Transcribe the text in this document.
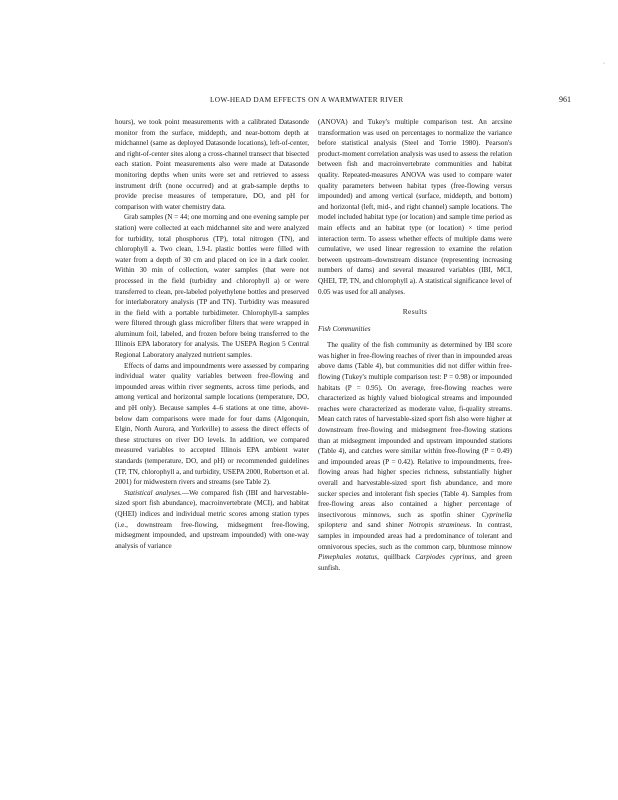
·
LOW-HEAD DAM EFFECTS ON A WARMWATER RIVER	961

hours), we took point measurements with a calibrated Datasonde monitor from the surface, middepth, and near-bottom depth at midchannel (same as deployed Datasonde locations), left-of-center, and right-of-center sites along a cross-channel transect that bisected each station. Point measurements also were made at Datasonde monitoring depths when units were set and retrieved to assess instrument drift (none occurred) and at grab-sample depths to provide precise measures of temperature, DO, and pH for comparison with water chemistry data.

Grab samples (N = 44; one morning and one evening sample per station) were collected at each midchannel site and were analyzed for turbidity, total phosphorus (TP), total nitrogen (TN), and chlorophyll a. Two clean, 1.9-L plastic bottles were filled with water from a depth of 30 cm and placed on ice in a dark cooler. Within 30 min of collection, water samples (that were not processed in the field (turbidity and chlorophyll a) or were transferred to clean, pre-labeled polyethylene bottles and preserved for interlaboratory analysis (TP and TN). Turbidity was measured in the field with a portable turbidimeter. Chlorophyll-a samples were filtered through glass microfiber filters that were wrapped in aluminum foil, labeled, and frozen before being transferred to the Illinois EPA laboratory for analysis. The USEPA Region 5 Central Regional Laboratory analyzed nutrient samples.

Effects of dams and impoundments were assessed by comparing individual water quality variables between free-flowing and impounded areas within river segments, across time periods, and among vertical and horizontal sample locations (temperature, DO, and pH only). Because samples 4–6 stations at one time, above-below dam comparisons were made for four dams (Algonquin, Elgin, North Aurora, and Yorkville) to assess the direct effects of these structures on river DO levels. In addition, we compared measured variables to accepted Illinois EPA ambient water standards (temperature, DO, and pH) or recommended guidelines (TP, TN, chlorophyll a, and turbidity, USEPA 2000, Robertson et al. 2001) for midwestern rivers and streams (see Table 2).

Statistical analyses.—We compared fish (IBI and harvestable-sized sport fish abundance), macroinvertebrate (MCI), and habitat (QHEI) indices and individual metric scores among station types (i.e., downstream free-flowing, midsegment free-flowing, midsegment impounded, and upstream impounded) with one-way analysis of variance

(ANOVA) and Tukey's multiple comparison test. An arcsine transformation was used on percentages to normalize the variance before statistical analysis (Steel and Torrie 1980). Pearson's product-moment correlation analysis was used to assess the relation between fish and macroinvertebrate communities and habitat quality. Repeated-measures ANOVA was used to compare water quality parameters between habitat types (free-flowing versus impounded) and among vertical (surface, middepth, and bottom) and horizontal (left, mid-, and right channel) sample locations. The model included habitat type (or location) and sample time period as main effects and an habitat type (or location) × time period interaction term. To assess whether effects of multiple dams were cumulative, we used linear regression to examine the relation between upstream–downstream distance (representing increasing numbers of dams) and several measured variables (IBI, MCI, QHEI, TP, TN, and chlorophyll a). A statistical significance level of 0.05 was used for all analyses.

Results
Fish Communities

The quality of the fish community as determined by IBI score was higher in free-flowing reaches of river than in impounded areas above dams (Table 4), but communities did not differ within free-flowing (Tukey's multiple comparison test: P = 0.98) or impounded habitats (P = 0.95). On average, free-flowing reaches were characterized as highly valued biological streams and impounded reaches were characterized as moderate value, fi-quality streams. Mean catch rates of harvestable-sized sport fish also were higher at downstream free-flowing and midsegment free-flowing stations than at midsegment impounded and upstream impounded stations (Table 4), and catches were similar within free-flowing (P = 0.49) and impounded areas (P = 0.42). Relative to impoundments, free-flowing areas had higher species richness, substantially higher overall and harvestable-sized sport fish abundance, and more sucker species and intolerant fish species (Table 4). Samples from free-flowing areas also contained a higher percentage of insectivorous minnows, such as spotfin shiner Cyprinella spiloptera and sand shiner Notropis stramineus. In contrast, samples in impounded areas had a predominance of tolerant and omnivorous species, such as the common carp, bluntnose minnow Pimephales notatus, quillback Carpiodes cyprinus, and green sunfish.
